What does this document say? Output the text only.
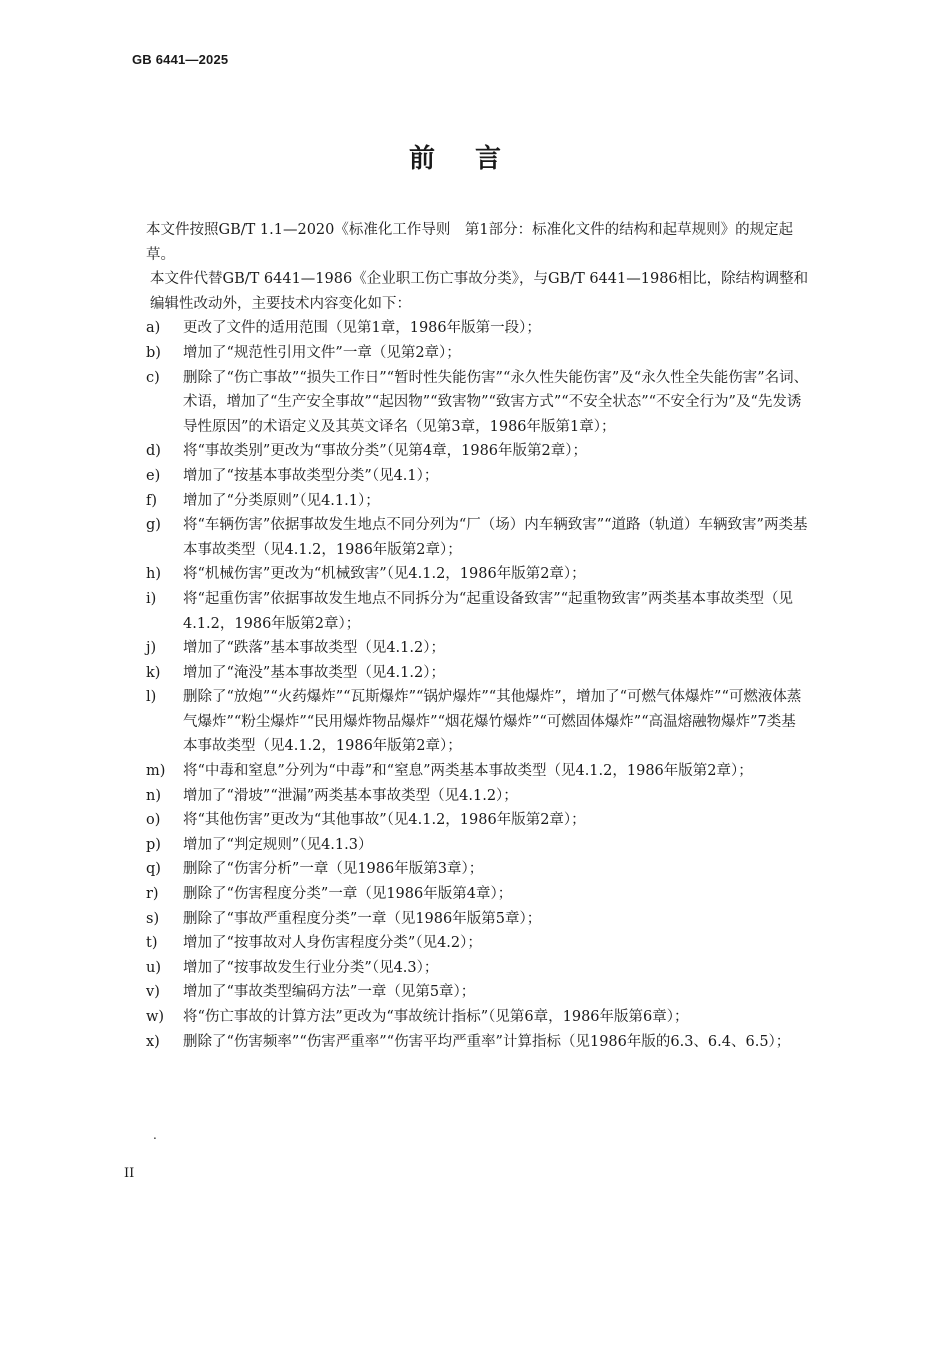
GB 6441—2025
前言

本文件按照GB/T 1.1—2020《标准化工作导则　第1部分：标准化文件的结构和起草规则》的规定起草。

本文件代替GB/T 6441—1986《企业职工伤亡事故分类》，与GB/T 6441—1986相比，除结构调整和编辑性改动外，主要技术内容变化如下：

a)	更改了文件的适用范围（见第1章，1986年版第一段）；
b)	增加了“规范性引用文件”一章（见第2章）；
c)	删除了“伤亡事故”“损失工作日”“暂时性失能伤害”“永久性失能伤害”及“永久性全失能伤害”名词、术语，增加了“生产安全事故”“起因物”“致害物”“致害方式”“不安全状态”“不安全行为”及“先发诱导性原因”的术语定义及其英文译名（见第3章，1986年版第1章）；
d)	将“事故类别”更改为“事故分类”（见第4章，1986年版第2章）；
e)	增加了“按基本事故类型分类”（见4.1）；
f)	增加了“分类原则”（见4.1.1）；
g)	将“车辆伤害”依据事故发生地点不同分列为“厂（场）内车辆致害”“道路（轨道）车辆致害”两类基本事故类型（见4.1.2，1986年版第2章）；
h)	将“机械伤害”更改为“机械致害”（见4.1.2，1986年版第2章）；
i)	将“起重伤害”依据事故发生地点不同拆分为“起重设备致害”“起重物致害”两类基本事故类型（见4.1.2，1986年版第2章）；
j)	增加了“跌落”基本事故类型（见4.1.2）；
k)	增加了“淹没”基本事故类型（见4.1.2）；
l)	删除了“放炮”“火药爆炸”“瓦斯爆炸”“锅炉爆炸”“其他爆炸”，增加了“可燃气体爆炸”“可燃液体蒸气爆炸”“粉尘爆炸”“民用爆炸物品爆炸”“烟花爆竹爆炸”“可燃固体爆炸”“高温熔融物爆炸”7类基本事故类型（见4.1.2，1986年版第2章）；
m)	将“中毒和窒息”分列为“中毒”和“窒息”两类基本事故类型（见4.1.2，1986年版第2章）；
n)	增加了“滑坡”“泄漏”两类基本事故类型（见4.1.2）；
o)	将“其他伤害”更改为“其他事故”（见4.1.2，1986年版第2章）；
p)	增加了“判定规则”（见4.1.3）
q)	删除了“伤害分析”一章（见1986年版第3章）；
r)	删除了“伤害程度分类”一章（见1986年版第4章）；
s)	删除了“事故严重程度分类”一章（见1986年版第5章）；
t)	增加了“按事故对人身伤害程度分类”（见4.2）；
u)	增加了“按事故发生行业分类”（见4.3）；
v)	增加了“事故类型编码方法”一章（见第5章）；
w)	将“伤亡事故的计算方法”更改为“事故统计指标”（见第6章，1986年版第6章）；
x)	删除了“伤害频率”“伤害严重率”“伤害平均严重率”计算指标（见1986年版的6.3、6.4、6.5）；
.
II
